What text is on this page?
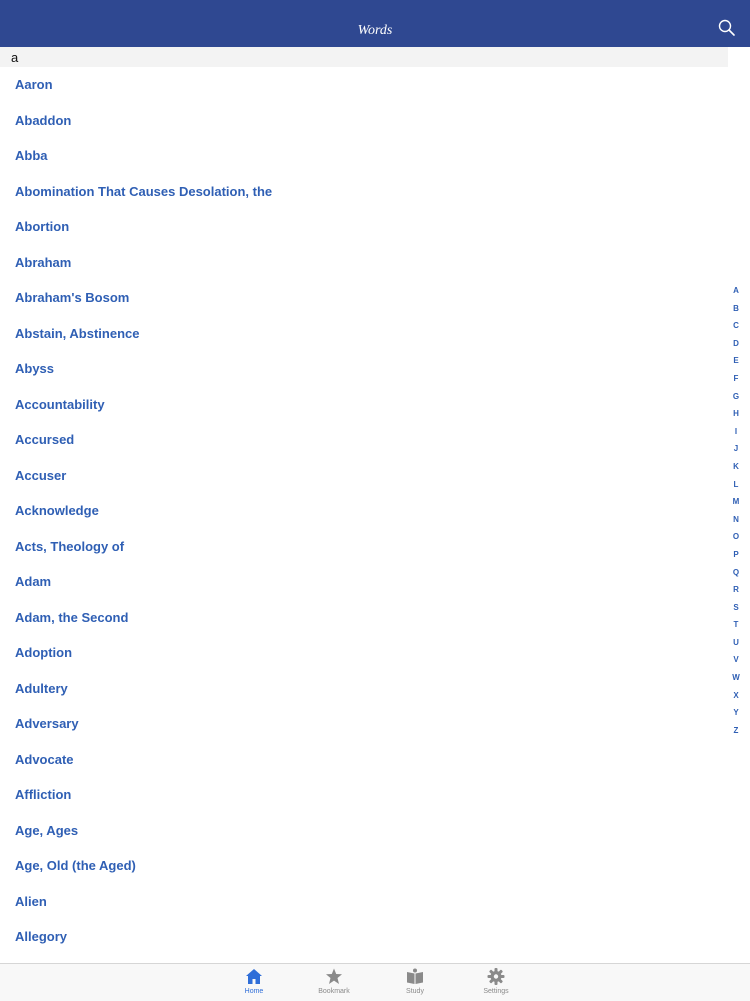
Words
a
Aaron
Abaddon
Abba
Abomination That Causes Desolation, the
Abortion
Abraham
Abraham's Bosom
Abstain, Abstinence
Abyss
Accountability
Accursed
Accuser
Acknowledge
Acts, Theology of
Adam
Adam, the Second
Adoption
Adultery
Adversary
Advocate
Affliction
Age, Ages
Age, Old (the Aged)
Alien
Allegory
A
B
C
D
E
F
G
H
I
J
K
L
M
N
O
P
Q
R
S
T
U
V
W
X
Y
Z
Home	Bookmark	Study	Settings
